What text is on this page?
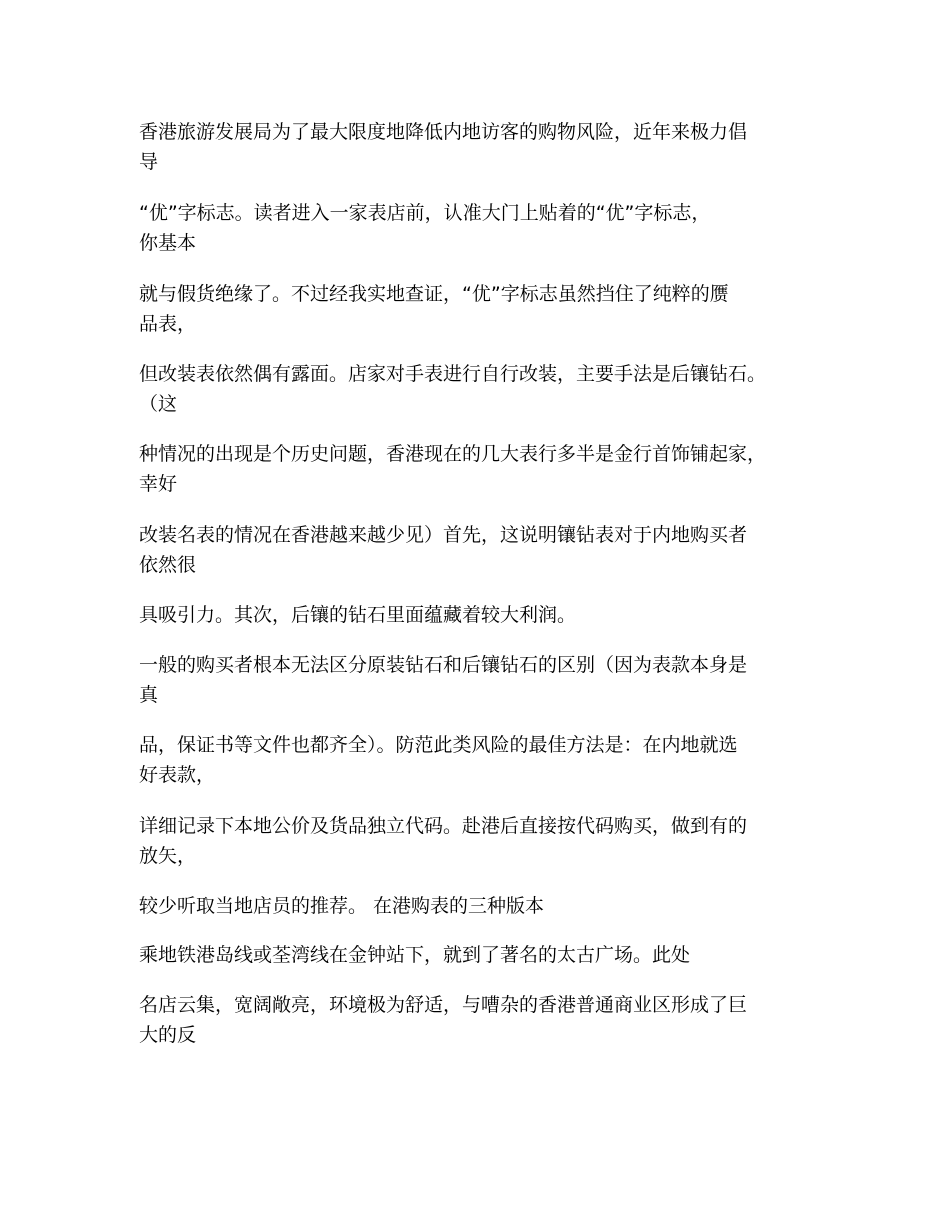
香港旅游发展局为了最大限度地降低内地访客的购物风险，近年来极力倡
导

“优”字标志。读者进入一家表店前，认准大门上贴着的“优”字标志，
你基本

就与假货绝缘了。不过经我实地查证，“优”字标志虽然挡住了纯粹的赝
品表，

但改装表依然偶有露面。店家对手表进行自行改装，主要手法是后镶钻石。
（这

种情况的出现是个历史问题，香港现在的几大表行多半是金行首饰铺起家，
幸好

改装名表的情况在香港越来越少见）首先，这说明镶钻表对于内地购买者
依然很

具吸引力。其次，后镶的钻石里面蕴藏着较大利润。

一般的购买者根本无法区分原装钻石和后镶钻石的区别（因为表款本身是
真

品，保证书等文件也都齐全）。防范此类风险的最佳方法是：在内地就选
好表款，

详细记录下本地公价及货品独立代码。赴港后直接按代码购买，做到有的
放矢，

较少听取当地店员的推荐。 在港购表的三种版本

乘地铁港岛线或荃湾线在金钟站下，就到了著名的太古广场。此处

名店云集，宽阔敞亮，环境极为舒适，与嘈杂的香港普通商业区形成了巨
大的反
